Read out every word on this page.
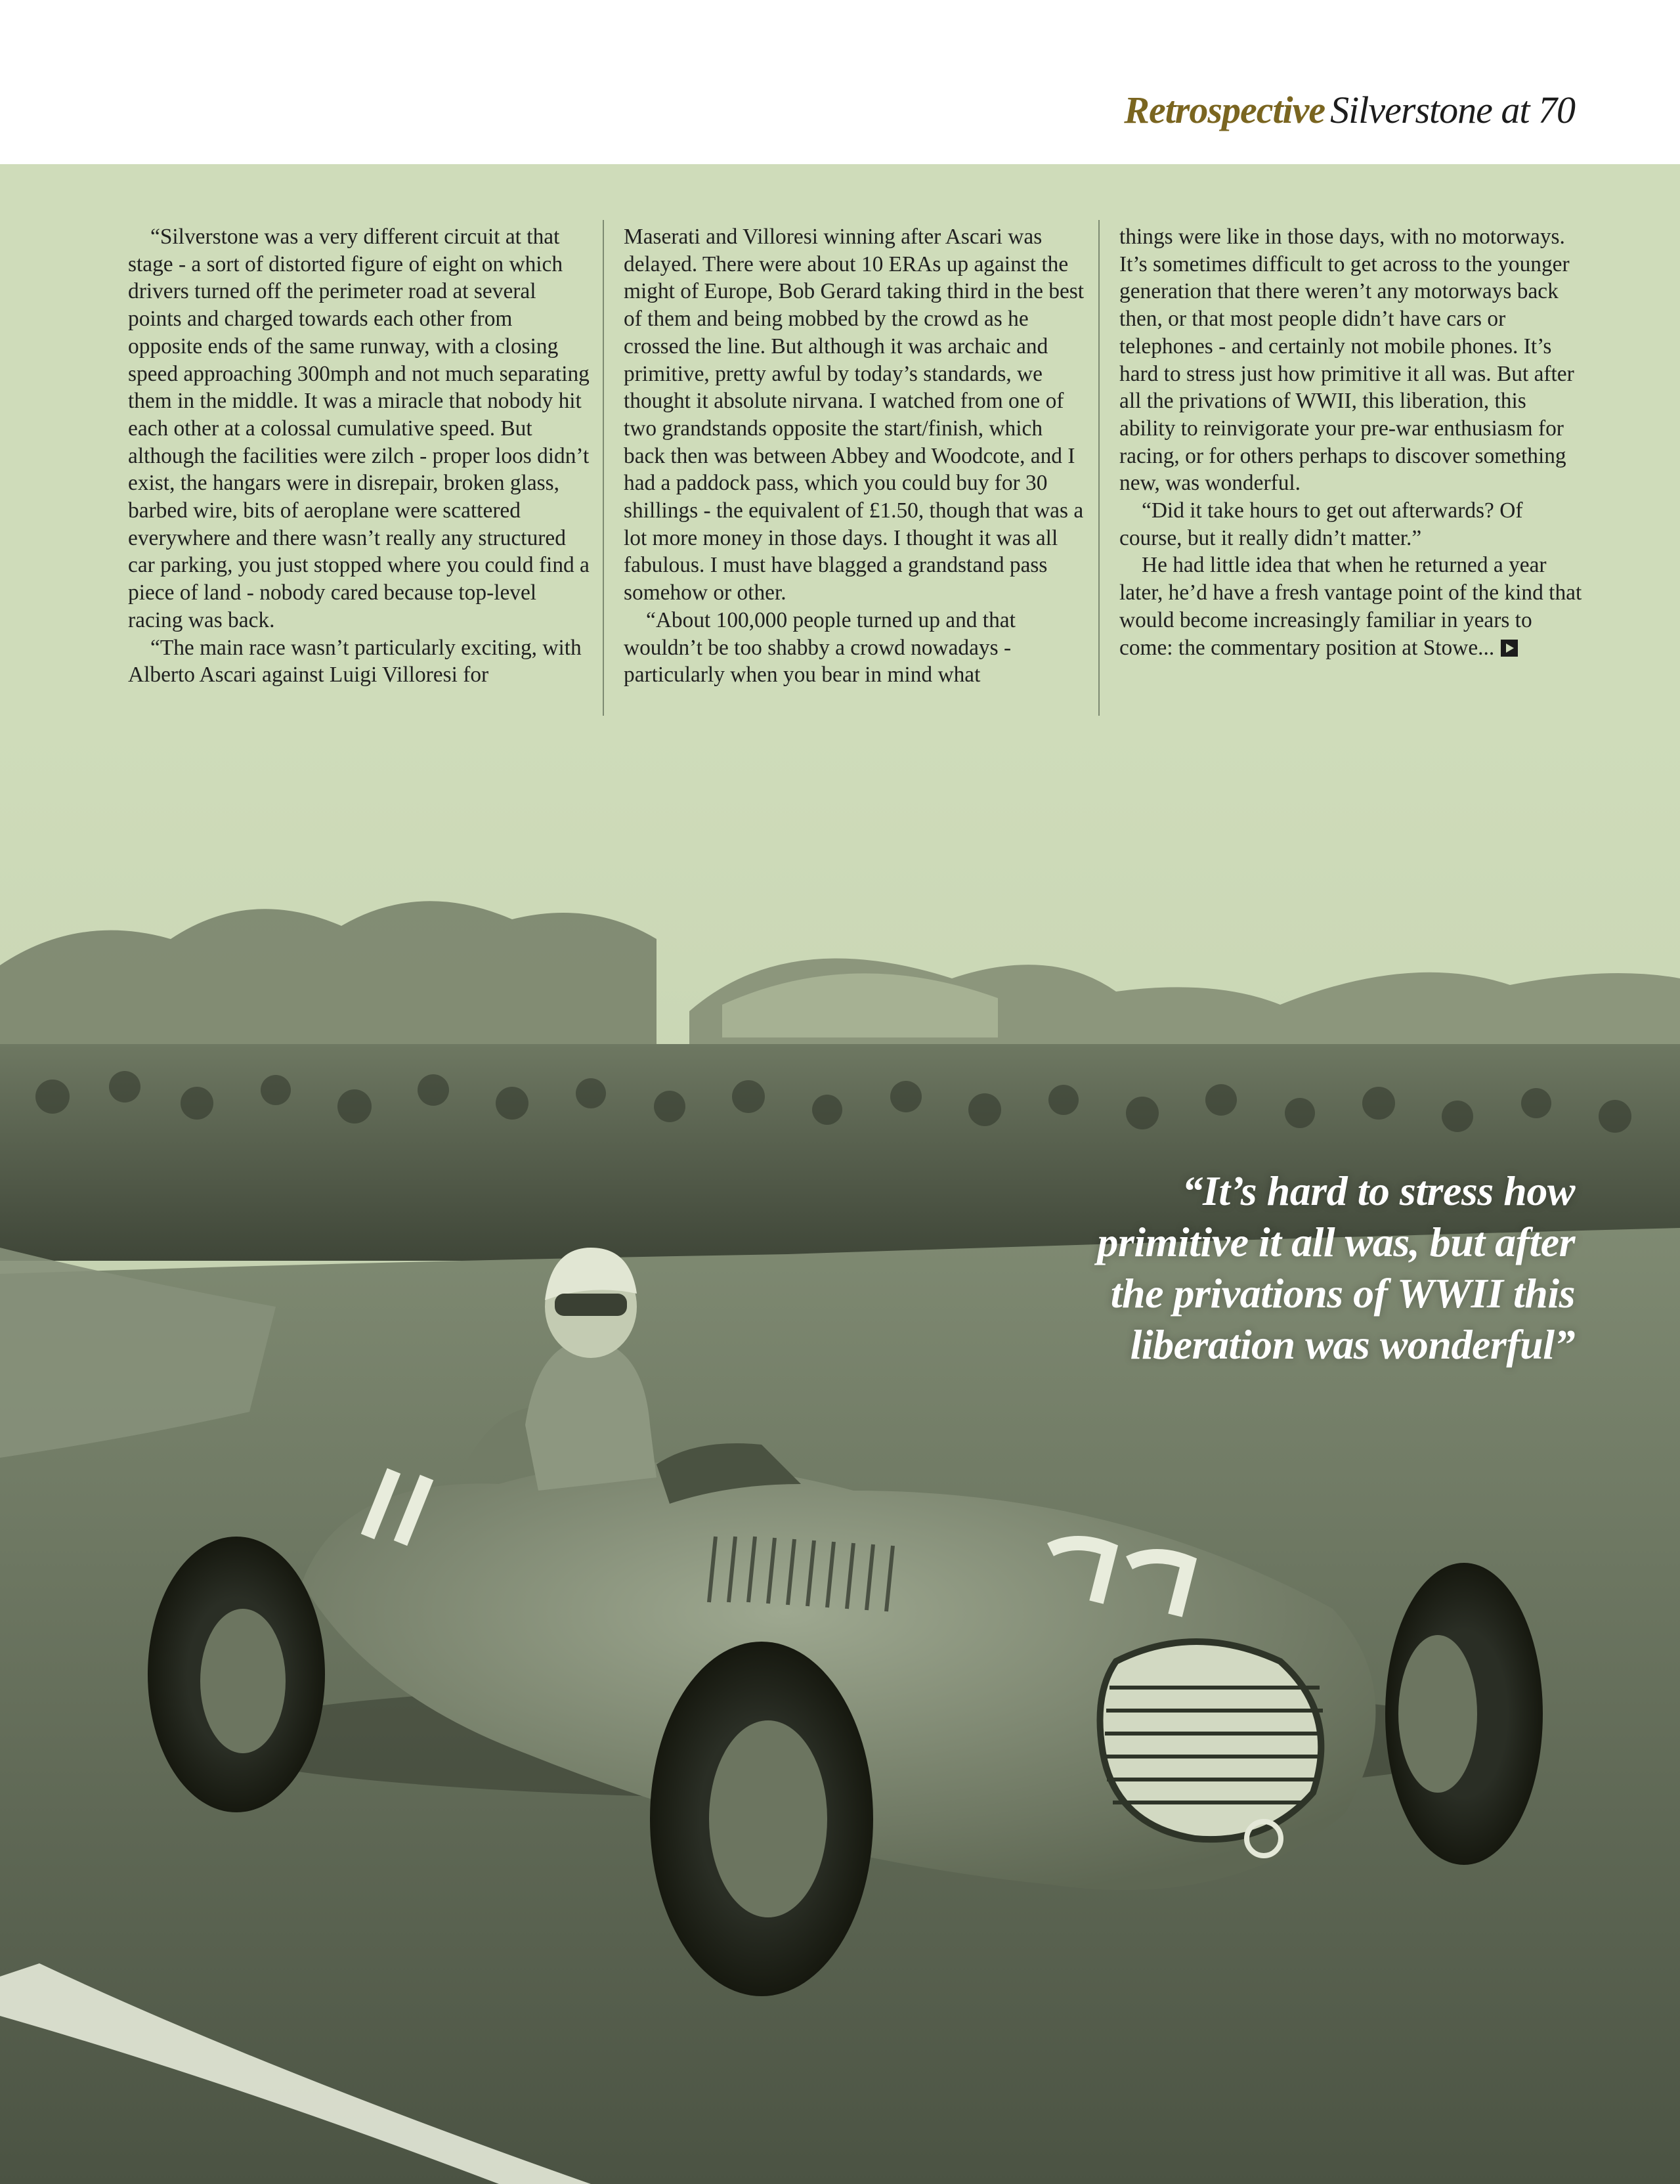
Retrospective Silverstone at 70

“Silverstone was a very different circuit at that stage - a sort of distorted figure of eight on which drivers turned off the perimeter road at several points and charged towards each other from opposite ends of the same runway, with a closing speed approaching 300mph and not much separating them in the middle. It was a miracle that nobody hit each other at a colossal cumulative speed. But although the facilities were zilch - proper loos didn’t exist, the hangars were in disrepair, broken glass, barbed wire, bits of aeroplane were scattered everywhere and there wasn’t really any structured car parking, you just stopped where you could find a piece of land - nobody cared because top-level racing was back.

“The main race wasn’t particularly exciting, with Alberto Ascari against Luigi Villoresi for

Maserati and Villoresi winning after Ascari was delayed. There were about 10 ERAs up against the might of Europe, Bob Gerard taking third in the best of them and being mobbed by the crowd as he crossed the line. But although it was archaic and primitive, pretty awful by today’s standards, we thought it absolute nirvana. I watched from one of two grandstands opposite the start/finish, which back then was between Abbey and Woodcote, and I had a paddock pass, which you could buy for 30 shillings - the equivalent of £1.50, though that was a lot more money in those days. I thought it was all fabulous. I must have blagged a grandstand pass somehow or other.

“About 100,000 people turned up and that wouldn’t be too shabby a crowd nowadays - particularly when you bear in mind what

things were like in those days, with no motorways. It’s sometimes difficult to get across to the younger generation that there weren’t any motorways back then, or that most people didn’t have cars or telephones - and certainly not mobile phones. It’s hard to stress just how primitive it all was. But after all the privations of WWII, this liberation, this ability to reinvigorate your pre-war enthusiasm for racing, or for others perhaps to discover something new, was wonderful.

“Did it take hours to get out afterwards? Of course, but it really didn’t matter.”

He had little idea that when he returned a year later, he’d have a fresh vantage point of the kind that would become increasingly familiar in years to come: the commentary position at Stowe...

“It’s hard to stress how primitive it all was, but after the privations of WWII this liberation was wonderful”
